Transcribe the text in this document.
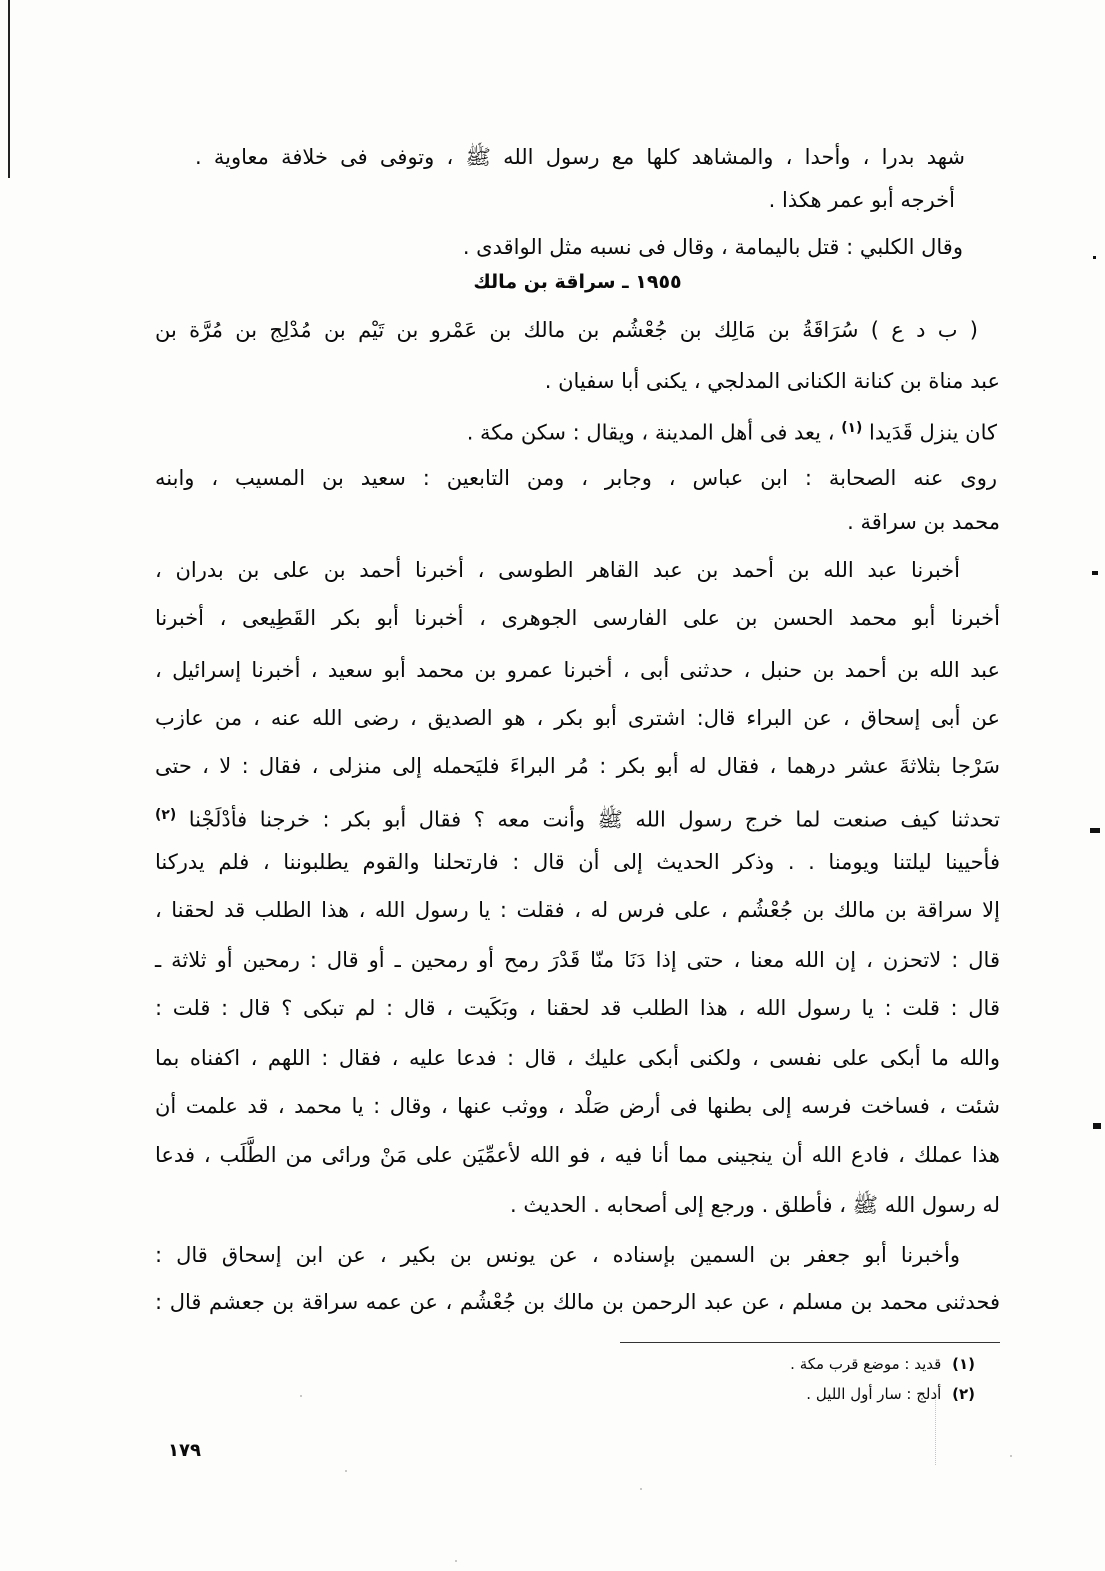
شهد بدرا ، وأحدا ، والمشاهد كلها مع رسول الله ﷺ ، وتوفى فى خلافة معاوية .
أخرجه أبو عمر هكذا .
وقال الكلبي : قتل باليمامة ، وقال فى نسبه مثل الواقدى .
١٩٥٥ ـ سراقة بن مالك
( ب د ع ) سُرَاقَةُ بن مَالِك بن جُعْشُم بن مالك بن عَمْرو بن تَيْم بن مُدْلِج بن مُرَّة بن
عبد مناة بن كنانة الكنانى المدلجي ، يكنى أبا سفيان .
كان ينزل قَدَيدا $^{(١)}$ ، يعد فى أهل المدينة ، ويقال : سكن مكة .
روى عنه الصحابة : ابن عباس ، وجابر ، ومن التابعين : سعيد بن المسيب ، وابنه
محمد بن سراقة .
أخبرنا عبد الله بن أحمد بن عبد القاهر الطوسى ، أخبرنا أحمد بن على بن بدران ،
أخبرنا أبو محمد الحسن بن على الفارسى الجوهرى ، أخبرنا أبو بكر القَطِيعى ، أخبرنا
عبد الله بن أحمد بن حنبل ، حدثنى أبى ، أخبرنا عمرو بن محمد أبو سعيد ، أخبرنا إسرائيل ،
عن أبى إسحاق ، عن البراء قال: اشترى أبو بكر ، هو الصديق ، رضى الله عنه ، من عازب
سَرْجا بثلاثةَ عشر درهما ، فقال له أبو بكر : مُر البراءَ فليَحمله إلى منزلى ، فقال : لا ، حتى
تحدثنا كيف صنعت لما خرج رسول الله ﷺ وأنت معه ؟ فقال أبو بكر : خرجنا فأدْلَجْنا $^{(٢)}$
فأحيينا ليلتنا ويومنا . . وذكر الحديث إلى أن قال : فارتحلنا والقوم يطلبوننا ، فلم يدركنا
إلا سراقة بن مالك بن جُعْشُم ، على فرس له ، فقلت : يا رسول الله ، هذا الطلب قد لحقنا ،
قال : لاتحزن ، إن الله معنا ، حتى إذا دَنَا منّا قَدْرَ رمح أو رمحين ـ أو قال : رمحين أو ثلاثة ـ
قال : قلت : يا رسول الله ، هذا الطلب قد لحقنا ، وبَكَيت ، قال : لم تبكى ؟ قال : قلت :
والله ما أبكى على نفسى ، ولكنى أبكى عليك ، قال : فدعا عليه ، فقال : اللهم ، اكفناه بما
شئت ، فساخت فرسه إلى بطنها فى أرض صَلْد ، ووثب عنها ، وقال : يا محمد ، قد علمت أن
هذا عملك ، فادع الله أن ينجينى مما أنا فيه ، فو الله لأعمِّيَن على مَنْ ورائى من الطَّلَب ، فدعا
له رسول الله ﷺ ، فأطلق . ورجع إلى أصحابه . الحديث .
وأخبرنا أبو جعفر بن السمين بإسناده ، عن يونس بن بكير ، عن ابن إسحاق قال :
فحدثنى محمد بن مسلم ، عن عبد الرحمن بن مالك بن جُعْشُم ، عن عمه سراقة بن جعشم قال :
(١) قديد : موضع قرب مكة .
(٢) أدلج : سار أول الليل .
١٧٩
